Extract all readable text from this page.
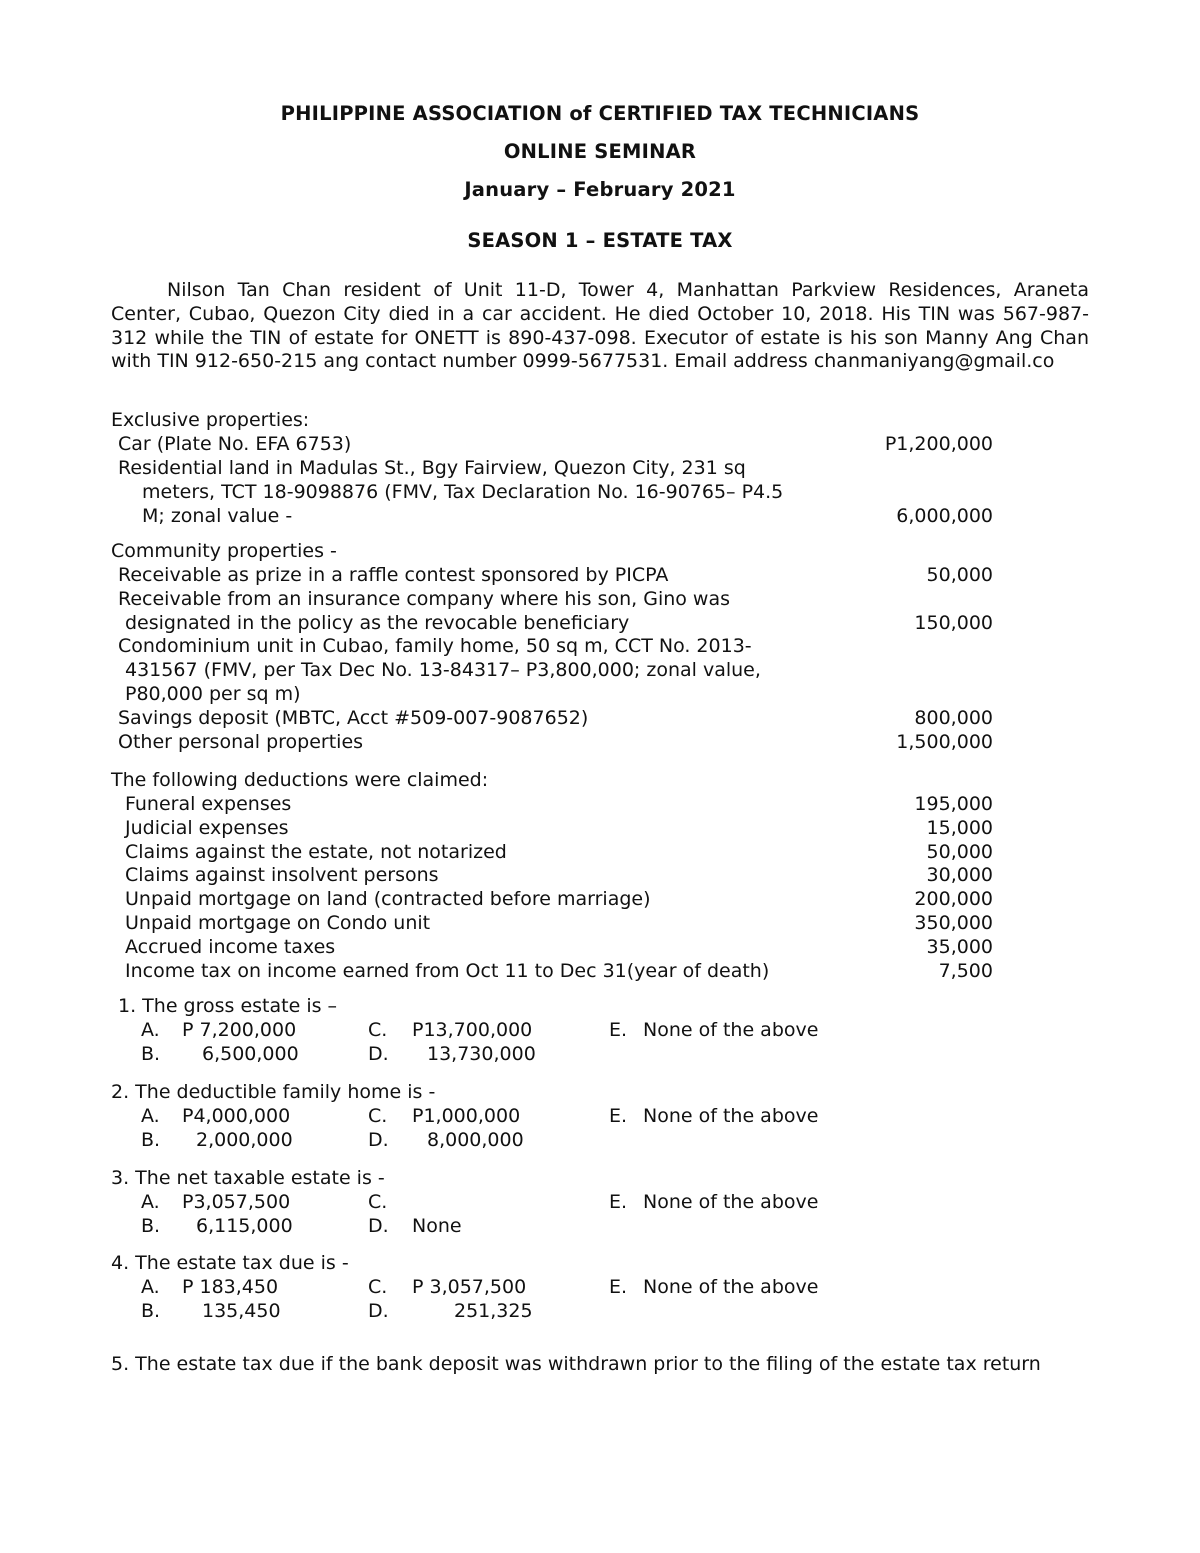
PHILIPPINE ASSOCIATION of CERTIFIED TAX TECHNICIANS
ONLINE SEMINAR
January – February 2021
SEASON 1 – ESTATE TAX

Nilson Tan Chan resident of Unit 11-D, Tower 4, Manhattan Parkview Residences, Araneta Center, Cubao, Quezon City died in a car accident. He died October 10, 2018. His TIN was 567-987-312 while the TIN of estate for ONETT is 890-437-098. Executor of estate is his son Manny Ang Chan with TIN 912-650-215 ang contact number 0999-5677531. Email address chanmaniyang@gmail.co

Exclusive properties:
Car (Plate No. EFA 6753)	P1,200,000
Residential land in Madulas St., Bgy Fairview, Quezon City, 231 sq
meters, TCT 18-9098876 (FMV, Tax Declaration No. 16-90765– P4.5
M; zonal value -	6,000,000
Community properties -
Receivable as prize in a raffle contest sponsored by PICPA	50,000
Receivable from an insurance company where his son, Gino was
designated in the policy as the revocable beneficiary	150,000
Condominium unit in Cubao, family home, 50 sq m, CCT No. 2013-
431567 (FMV, per Tax Dec No. 13-84317– P3,800,000; zonal value,
P80,000 per sq m)
Savings deposit (MBTC, Acct #509-007-9087652)	800,000
Other personal properties	1,500,000
The following deductions were claimed:
Funeral expenses	195,000
Judicial expenses	15,000
Claims against the estate, not notarized	50,000
Claims against insolvent persons	30,000
Unpaid mortgage on land (contracted before marriage)	200,000
Unpaid mortgage on Condo unit	350,000
Accrued income taxes	35,000
Income tax on income earned from Oct 11 to Dec 31(year of death)	7,500
1. The gross estate is –
A. P 7,200,000	C. P13,700,000	E. None of the above
B. 6,500,000	D. 13,730,000
2. The deductible family home is -
A. P4,000,000	C. P1,000,000	E. None of the above
B. 2,000,000	D. 8,000,000
3. The net taxable estate is -
A. P3,057,500	C.	E. None of the above
B. 6,115,000	D. None
4. The estate tax due is -
A. P 183,450	C. P 3,057,500	E. None of the above
B. 135,450	D.	251,325
5. The estate tax due if the bank deposit was withdrawn prior to the filing of the estate tax return
